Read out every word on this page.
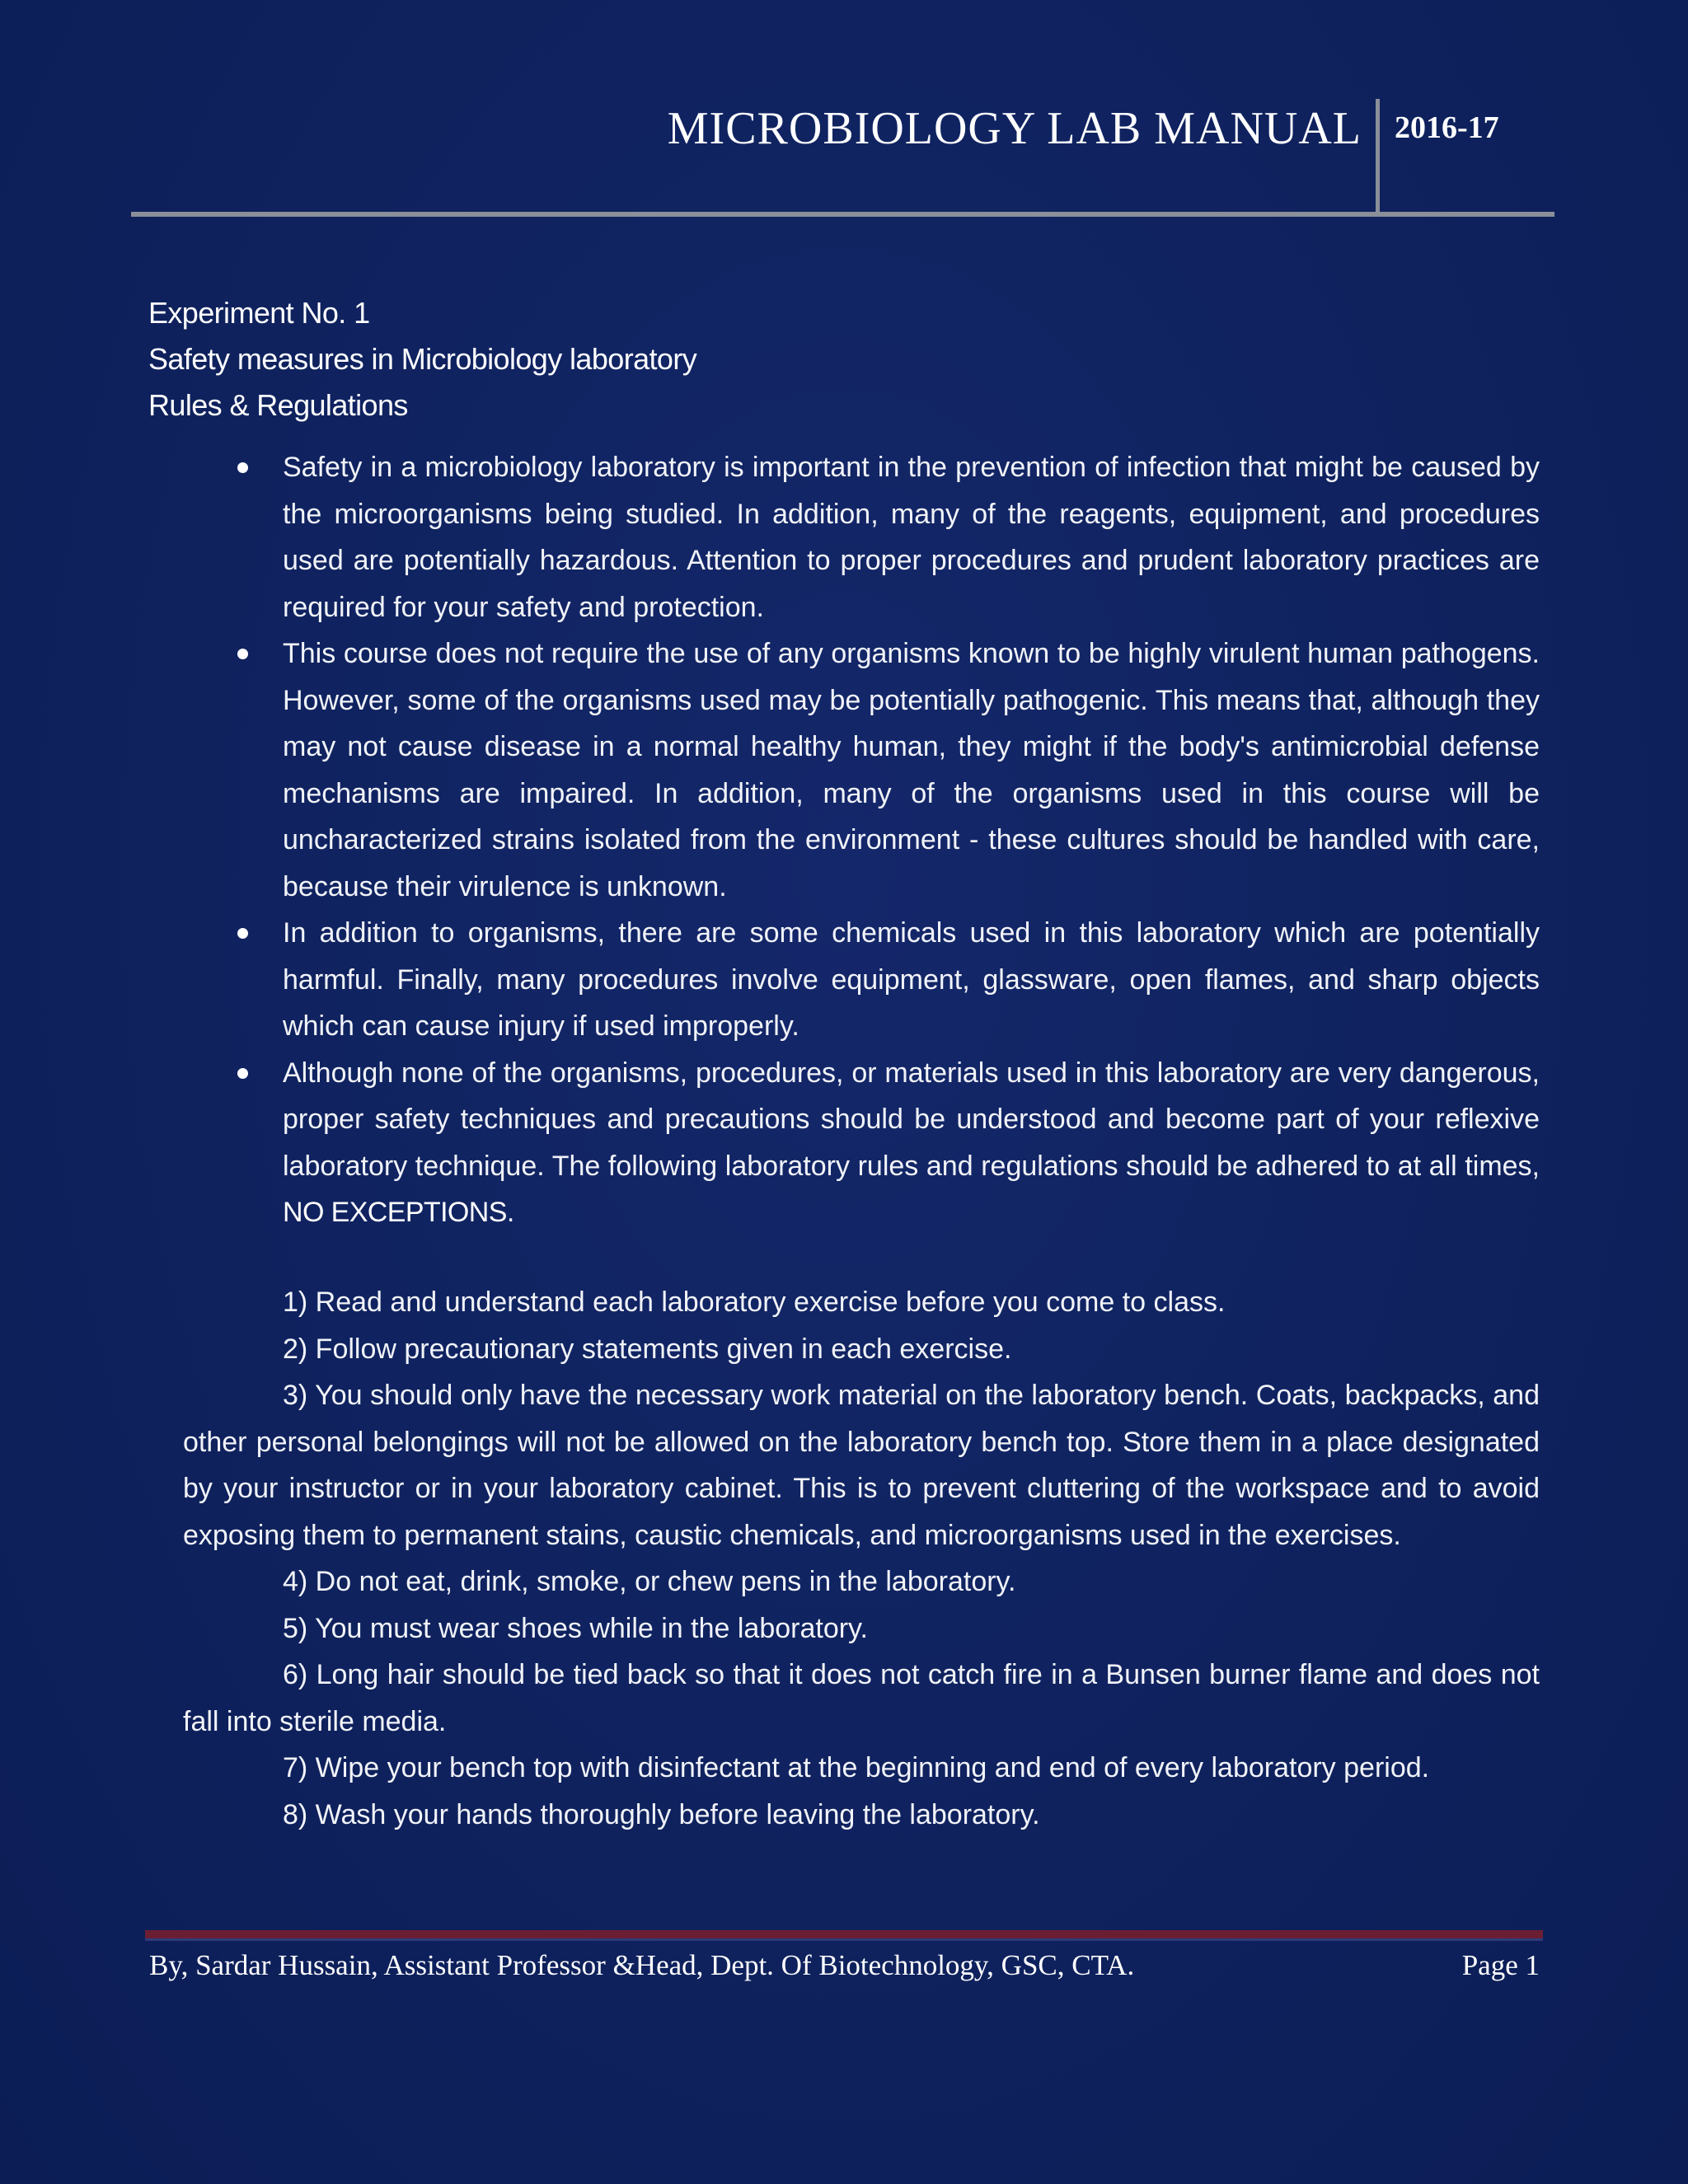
MICROBIOLOGY LAB MANUAL 2016-17
Experiment No. 1
Safety measures in Microbiology laboratory
Rules & Regulations
Safety in a microbiology laboratory is important in the prevention of infection that might be caused by the microorganisms being studied. In addition, many of the reagents, equipment, and procedures used are potentially hazardous. Attention to proper procedures and prudent laboratory practices are required for your safety and protection.
This course does not require the use of any organisms known to be highly virulent human pathogens. However, some of the organisms used may be potentially pathogenic. This means that, although they may not cause disease in a normal healthy human, they might if the body's antimicrobial defense mechanisms are impaired. In addition, many of the organisms used in this course will be uncharacterized strains isolated from the environment - these cultures should be handled with care, because their virulence is unknown.
In addition to organisms, there are some chemicals used in this laboratory which are potentially harmful. Finally, many procedures involve equipment, glassware, open flames, and sharp objects which can cause injury if used improperly.
Although none of the organisms, procedures, or materials used in this laboratory are very dangerous, proper safety techniques and precautions should be understood and become part of your reflexive laboratory technique. The following laboratory rules and regulations should be adhered to at all times, NO EXCEPTIONS.
1) Read and understand each laboratory exercise before you come to class.
2) Follow precautionary statements given in each exercise.
3) You should only have the necessary work material on the laboratory bench. Coats, backpacks, and other personal belongings will not be allowed on the laboratory bench top. Store them in a place designated by your instructor or in your laboratory cabinet. This is to prevent cluttering of the workspace and to avoid exposing them to permanent stains, caustic chemicals, and microorganisms used in the exercises.
4) Do not eat, drink, smoke, or chew pens in the laboratory.
5) You must wear shoes while in the laboratory.
6) Long hair should be tied back so that it does not catch fire in a Bunsen burner flame and does not fall into sterile media.
7) Wipe your bench top with disinfectant at the beginning and end of every laboratory period.
8) Wash your hands thoroughly before leaving the laboratory.
By, Sardar Hussain, Assistant Professor &Head, Dept. Of Biotechnology, GSC, CTA.	Page 1
